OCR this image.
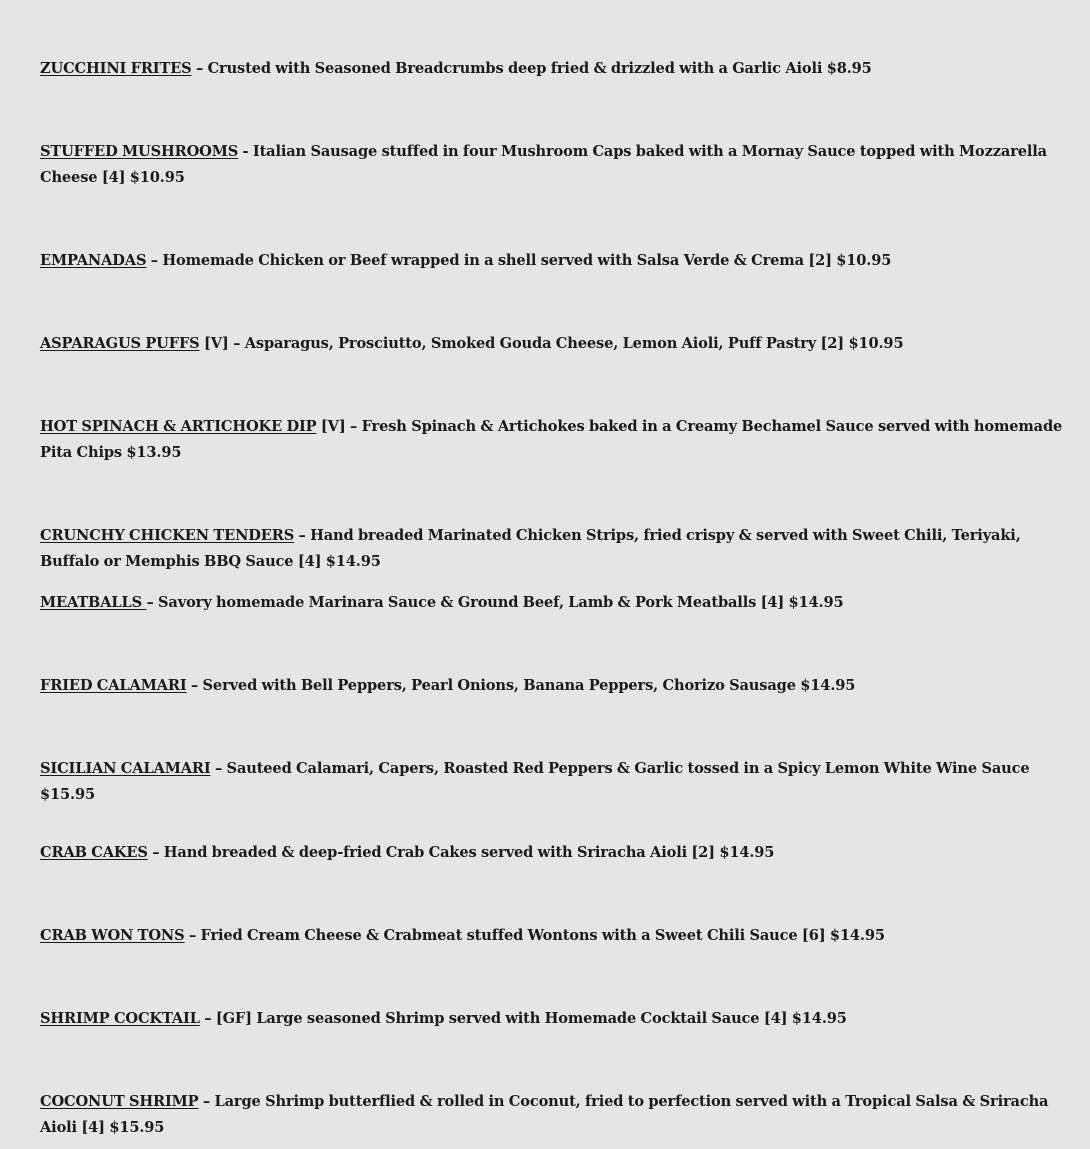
ZUCCHINI FRITES – Crusted with Seasoned Breadcrumbs deep fried & drizzled with a Garlic Aioli $8.95

STUFFED MUSHROOMS - Italian Sausage stuffed in four Mushroom Caps baked with a Mornay Sauce topped with Mozzarella Cheese [4] $10.95

EMPANADAS – Homemade Chicken or Beef wrapped in a shell served with Salsa Verde & Crema [2] $10.95

ASPARAGUS PUFFS [V] – Asparagus, Prosciutto, Smoked Gouda Cheese, Lemon Aioli, Puff Pastry [2] $10.95

HOT SPINACH & ARTICHOKE DIP [V] – Fresh Spinach & Artichokes baked in a Creamy Bechamel Sauce served with homemade Pita Chips $13.95

CRUNCHY CHICKEN TENDERS – Hand breaded Marinated Chicken Strips, fried crispy & served with Sweet Chili, Teriyaki, Buffalo or Memphis BBQ Sauce [4] $14.95

MEATBALLS – Savory homemade Marinara Sauce & Ground Beef, Lamb & Pork Meatballs [4] $14.95

FRIED CALAMARI – Served with Bell Peppers, Pearl Onions, Banana Peppers, Chorizo Sausage $14.95

SICILIAN CALAMARI – Sauteed Calamari, Capers, Roasted Red Peppers & Garlic tossed in a Spicy Lemon White Wine Sauce $15.95

CRAB CAKES – Hand breaded & deep-fried Crab Cakes served with Sriracha Aioli [2] $14.95

CRAB WON TONS – Fried Cream Cheese & Crabmeat stuffed Wontons with a Sweet Chili Sauce [6] $14.95

SHRIMP COCKTAIL – [GF] Large seasoned Shrimp served with Homemade Cocktail Sauce [4] $14.95

COCONUT SHRIMP – Large Shrimp butterflied & rolled in Coconut, fried to perfection served with a Tropical Salsa & Sriracha Aioli [4] $15.95
